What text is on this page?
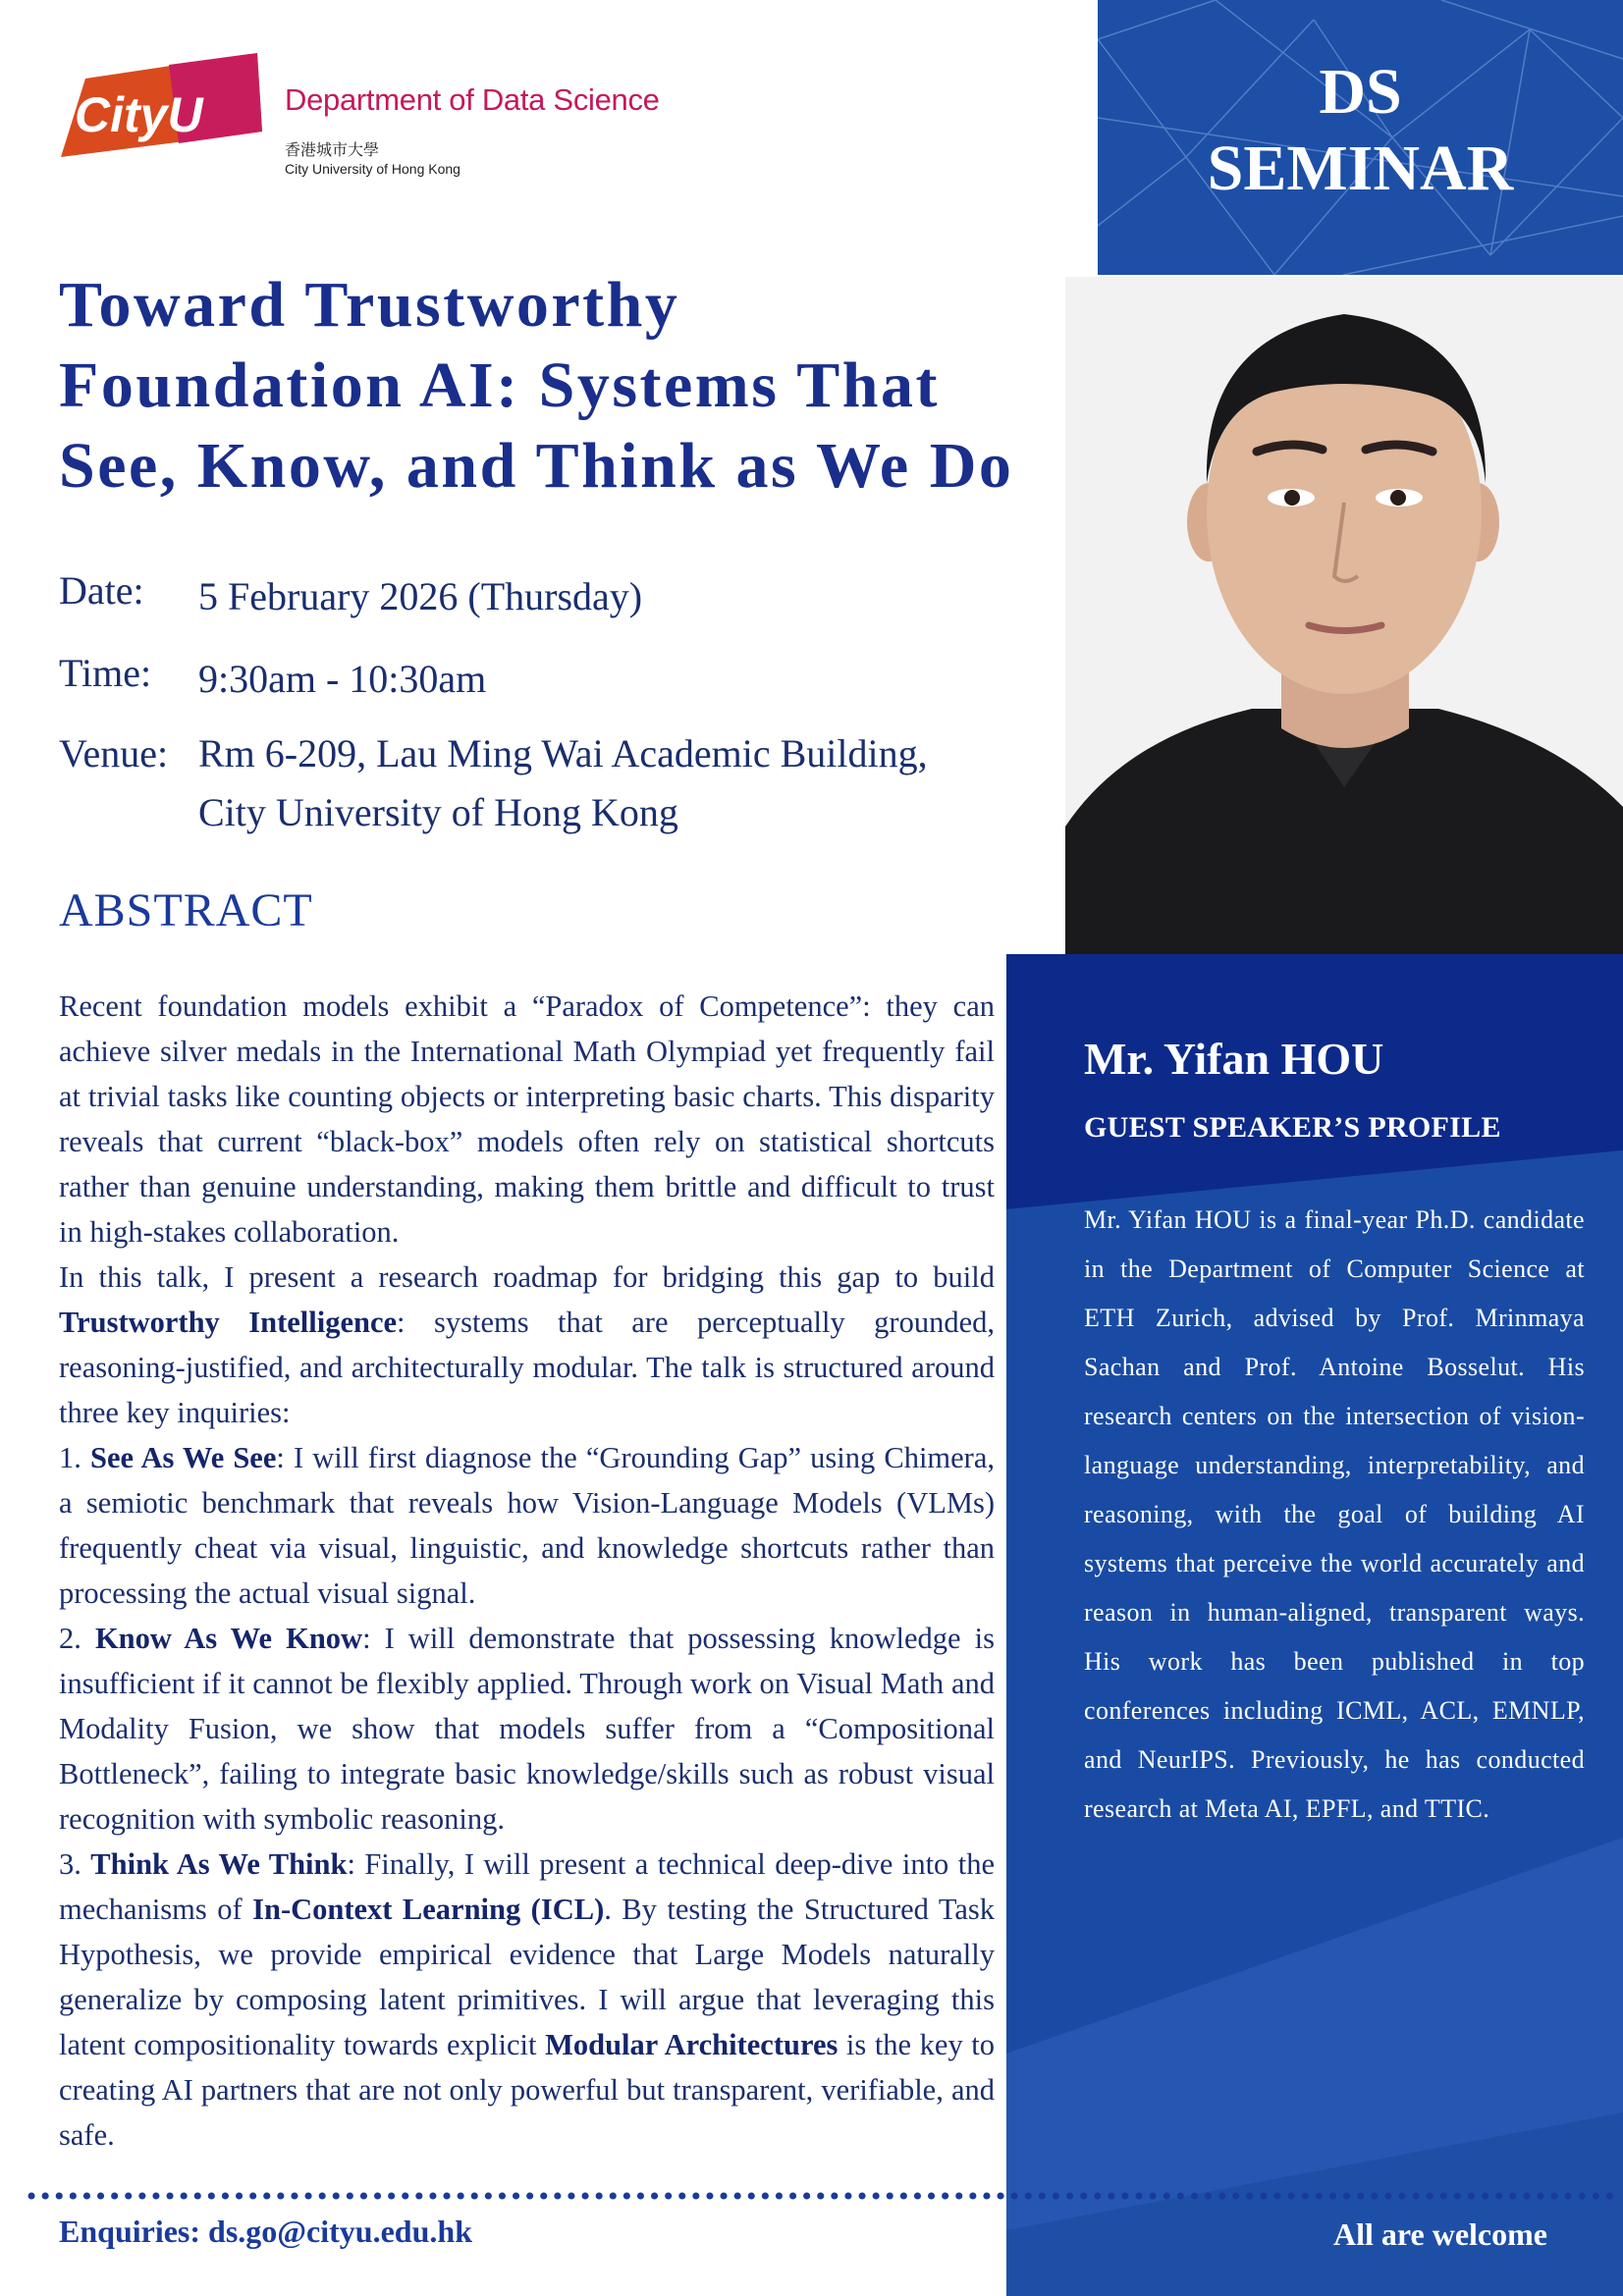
CityU	Department of Data Science
香港城市大學
City University of Hong Kong
DS
SEMINAR
Toward Trustworthy
Foundation AI: Systems That
See, Know, and Think as We Do
Date: 5 February 2026 (Thursday)
Time: 9:30am - 10:30am
Venue: Rm 6-209, Lau Ming Wai Academic Building,
City University of Hong Kong
ABSTRACT

Recent foundation models exhibit a “Paradox of Competence”: they can achieve silver medals in the International Math Olympiad yet frequently fail at trivial tasks like counting objects or interpreting basic charts. This disparity reveals that current “black-box” models often rely on statistical shortcuts rather than genuine understanding, making them brittle and difficult to trust in high-stakes collaboration.

In this talk, I present a research roadmap for bridging this gap to build Trustworthy Intelligence: systems that are perceptually grounded, reasoning-justified, and architecturally modular. The talk is structured around three key inquiries:

1. See As We See: I will first diagnose the “Grounding Gap” using Chimera, a semiotic benchmark that reveals how Vision-Language Models (VLMs) frequently cheat via visual, linguistic, and knowledge shortcuts rather than processing the actual visual signal.

2. Know As We Know: I will demonstrate that possessing knowledge is insufficient if it cannot be flexibly applied. Through work on Visual Math and Modality Fusion, we show that models suffer from a “Compositional Bottleneck”, failing to integrate basic knowledge/skills such as robust visual recognition with symbolic reasoning.

3. Think As We Think: Finally, I will present a technical deep-dive into the mechanisms of In-Context Learning (ICL). By testing the Structured Task Hypothesis, we provide empirical evidence that Large Models naturally generalize by composing latent primitives. I will argue that leveraging this latent compositionality towards explicit Modular Architectures is the key to creating AI partners that are not only powerful but transparent, verifiable, and safe.

Mr. Yifan HOU
GUEST SPEAKER’S PROFILE
Mr. Yifan HOU is a final-year Ph.D. candidate in the Department of Computer Science at ETH Zurich, advised by Prof. Mrinmaya Sachan and Prof. Antoine Bosselut. His research centers on the intersection of vision-language understanding, interpretability, and reasoning, with the goal of building AI systems that perceive the world accurately and reason in human-aligned, transparent ways. His work has been published in top conferences including ICML, ACL, EMNLP, and NeurIPS. Previously, he has conducted research at Meta AI, EPFL, and TTIC.
Enquiries: ds.go@cityu.edu.hk	All are welcome
